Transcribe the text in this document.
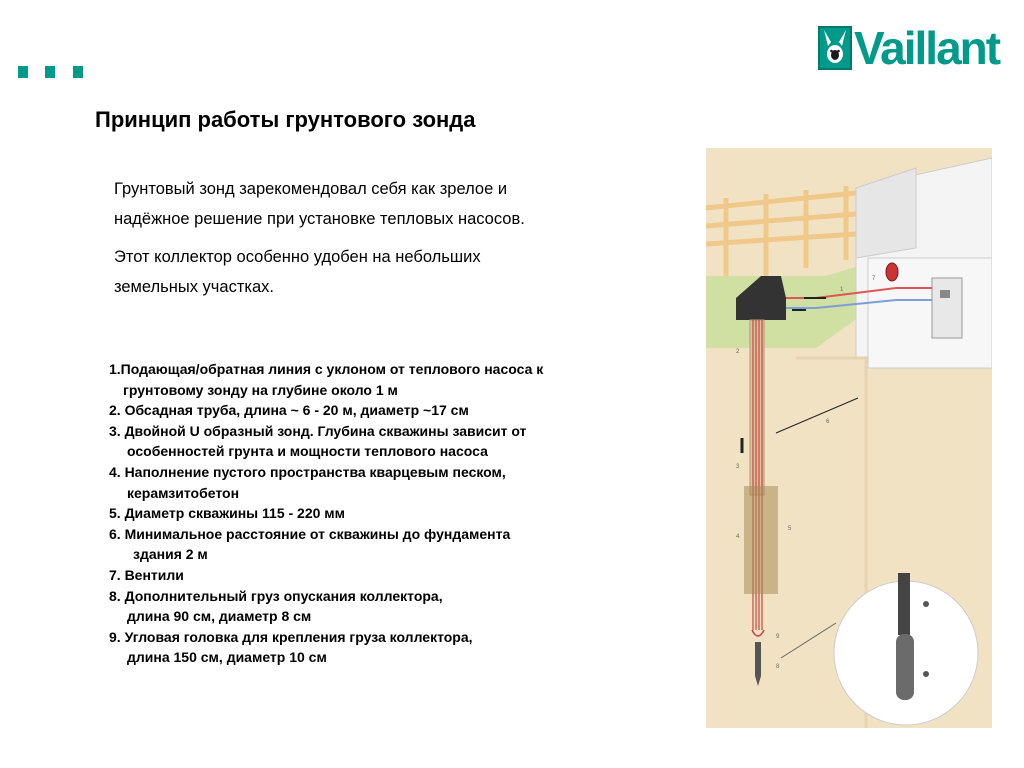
Vaillant
Принцип работы грунтового зонда

Грунтовый зонд зарекомендовал себя как зрелое и
надёжное решение при установке тепловых насосов.

Этот коллектор особенно удобен на небольших
земельных участках.

1.Подающая/обратная линия с уклоном от теплового насоса к
грунтовому зонду на глубине около 1 м
2. Обсадная труба, длина ~ 6 - 20 м, диаметр ~17 см
3. Двойной U образный зонд. Глубина скважины зависит от
особенностей грунта и мощности теплового насоса
4. Наполнение пустого пространства кварцевым песком,
керамзитобетон
5. Диаметр скважины 115 - 220 мм
6. Минимальное расстояние от скважины до фундамента
здания 2 м
7. Вентили
8. Дополнительный груз опускания коллектора,
длина 90 см, диаметр 8 см
9. Угловая головка для крепления груза коллектора,
длина 150 см, диаметр 10 см
1
2
3
4
5
6
7
8
9
